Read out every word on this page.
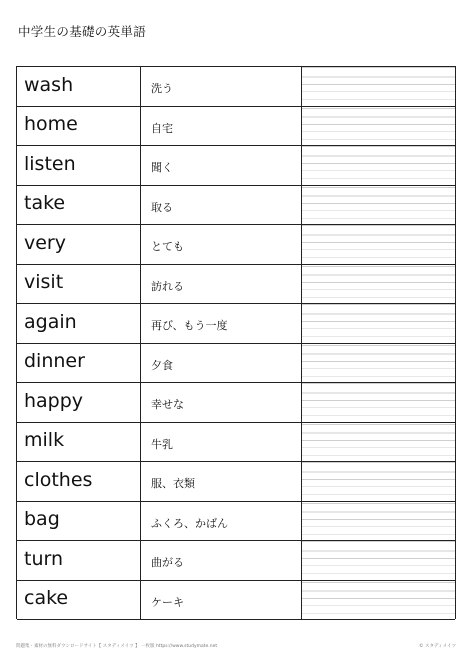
中学生の基礎の英単語
wash	洗う
home	自宅
listen	聞く
take	取る
very	とても
visit	訪れる
again	再び、もう一度
dinner	夕食
happy	幸せな
milk	牛乳
clothes	服、衣類
bag	ふくろ、かばん
turn	曲がる
cake	ケーキ
問題集・素材の無料ダウンロードサイト【 スタディメイツ 】 一枚版 https://www.studymate.net	© スタディメイツ
